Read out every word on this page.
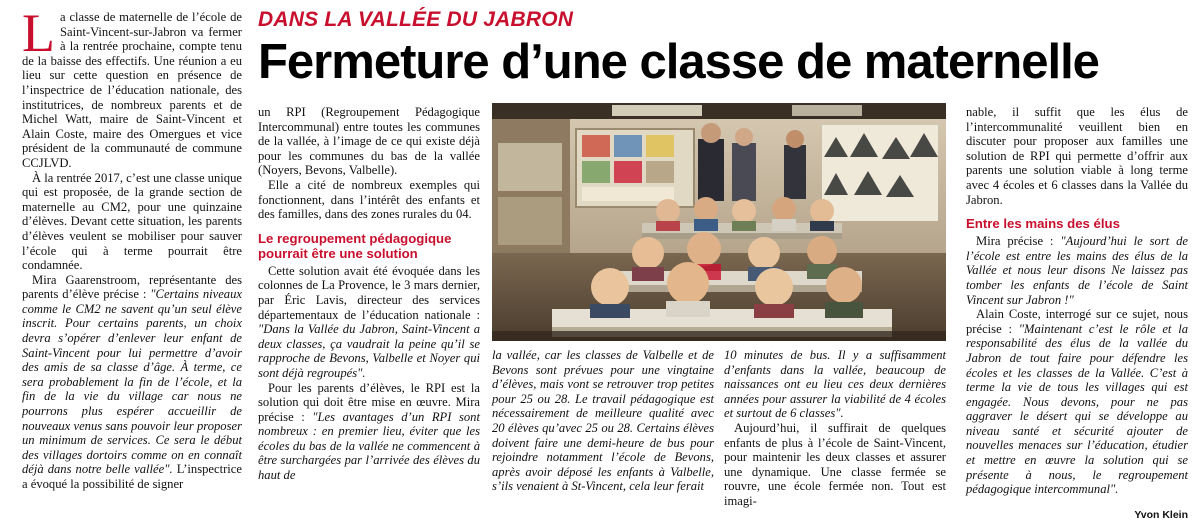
DANS LA VALLÉE DU JABRON
Fermeture d’une classe de maternelle
L a classe de maternelle de l’école de Saint-Vincent-sur-Jabron va fermer à la rentrée prochaine, compte tenu de la baisse des effectifs. Une réunion a eu lieu sur cette question en présence de l’inspectrice de l’éducation nationale, des institutrices, de nombreux parents et de Michel Watt, maire de Saint-Vincent et Alain Coste, maire des Omergues et vice président de la communauté de commune CCJLVD.

À la rentrée 2017, c’est une classe unique qui est proposée, de la grande section de maternelle au CM2, pour une quinzaine d’élèves. Devant cette situation, les parents d’élèves veulent se mobiliser pour sauver l’école qui à terme pourrait être condamnée.

Mira Gaarenstroom, représentante des parents d’élève précise : "Certains niveaux comme le CM2 ne savent qu’un seul élève inscrit. Pour certains parents, un choix devra s’opérer d’enlever leur enfant de Saint-Vincent pour lui permettre d’avoir des amis de sa classe d’âge. À terme, ce sera probablement la fin de l’école, et la fin de la vie du village car nous ne pourrons plus espérer accueillir de nouveaux venus sans pouvoir leur proposer un minimum de services. Ce sera le début des villages dortoirs comme on en connaît déjà dans notre belle vallée". L’inspectrice a évoqué la possibilité de signer

un RPI (Regroupement Pédagogique Intercommunal) entre toutes les communes de la vallée, à l’image de ce qui existe déjà pour les communes du bas de la vallée (Noyers, Bevons, Valbelle).

Elle a cité de nombreux exemples qui fonctionnent, dans l’intérêt des enfants et des familles, dans des zones rurales du 04.

Le regroupement pédagogique pourrait être une solution

Cette solution avait été évoquée dans les colonnes de La Provence, le 3 mars dernier, par Éric Lavis, directeur des services départementaux de l’éducation nationale : "Dans la Vallée du Jabron, Saint-Vincent a deux classes, ça vaudrait la peine qu’il se rapproche de Bevons, Valbelle et Noyer qui sont déjà regroupés".

Pour les parents d’élèves, le RPI est la solution qui doit être mise en œuvre. Mira précise : "Les avantages d’un RPI sont nombreux : en premier lieu, éviter que les écoles du bas de la vallée ne commencent à être surchargées par l’arrivée des élèves du haut de

la vallée, car les classes de Valbelle et de Bevons sont prévues pour une vingtaine d’élèves, mais vont se retrouver trop petites pour 25 ou 28. Le travail pédagogique est nécessairement de meilleure qualité avec 20 élèves qu’avec 25 ou 28. Certains élèves doivent faire une demi-heure de bus pour rejoindre notamment l’école de Bevons, après avoir déposé les enfants à Valbelle, s’ils venaient à St-Vincent, cela leur ferait

10 minutes de bus. Il y a suffisamment d’enfants dans la vallée, beaucoup de naissances ont eu lieu ces deux dernières années pour assurer la viabilité de 4 écoles et surtout de 6 classes".

Aujourd’hui, il suffirait de quelques enfants de plus à l’école de Saint-Vincent, pour maintenir les deux classes et assurer une dynamique. Une classe fermée se rouvre, une école fermée non. Tout est imagi-

nable, il suffit que les élus de l’intercommunalité veuillent bien en discuter pour proposer aux familles une solution de RPI qui permette d’offrir aux parents une solution viable à long terme avec 4 écoles et 6 classes dans la Vallée du Jabron.

Entre les mains des élus

Mira précise : "Aujourd’hui le sort de l’école est entre les mains des élus de la Vallée et nous leur disons Ne laissez pas tomber les enfants de l’école de Saint Vincent sur Jabron !"

Alain Coste, interrogé sur ce sujet, nous précise : "Maintenant c’est le rôle et la responsabilité des élus de la vallée du Jabron de tout faire pour défendre les écoles et les classes de la Vallée. C’est à terme la vie de tous les villages qui est engagée. Nous devons, pour ne pas aggraver le désert qui se développe au niveau santé et sécurité ajouter de nouvelles menaces sur l’éducation, étudier et mettre en œuvre la solution qui se présente à nous, le regroupement pédagogique intercommunal".

Yvon Klein
